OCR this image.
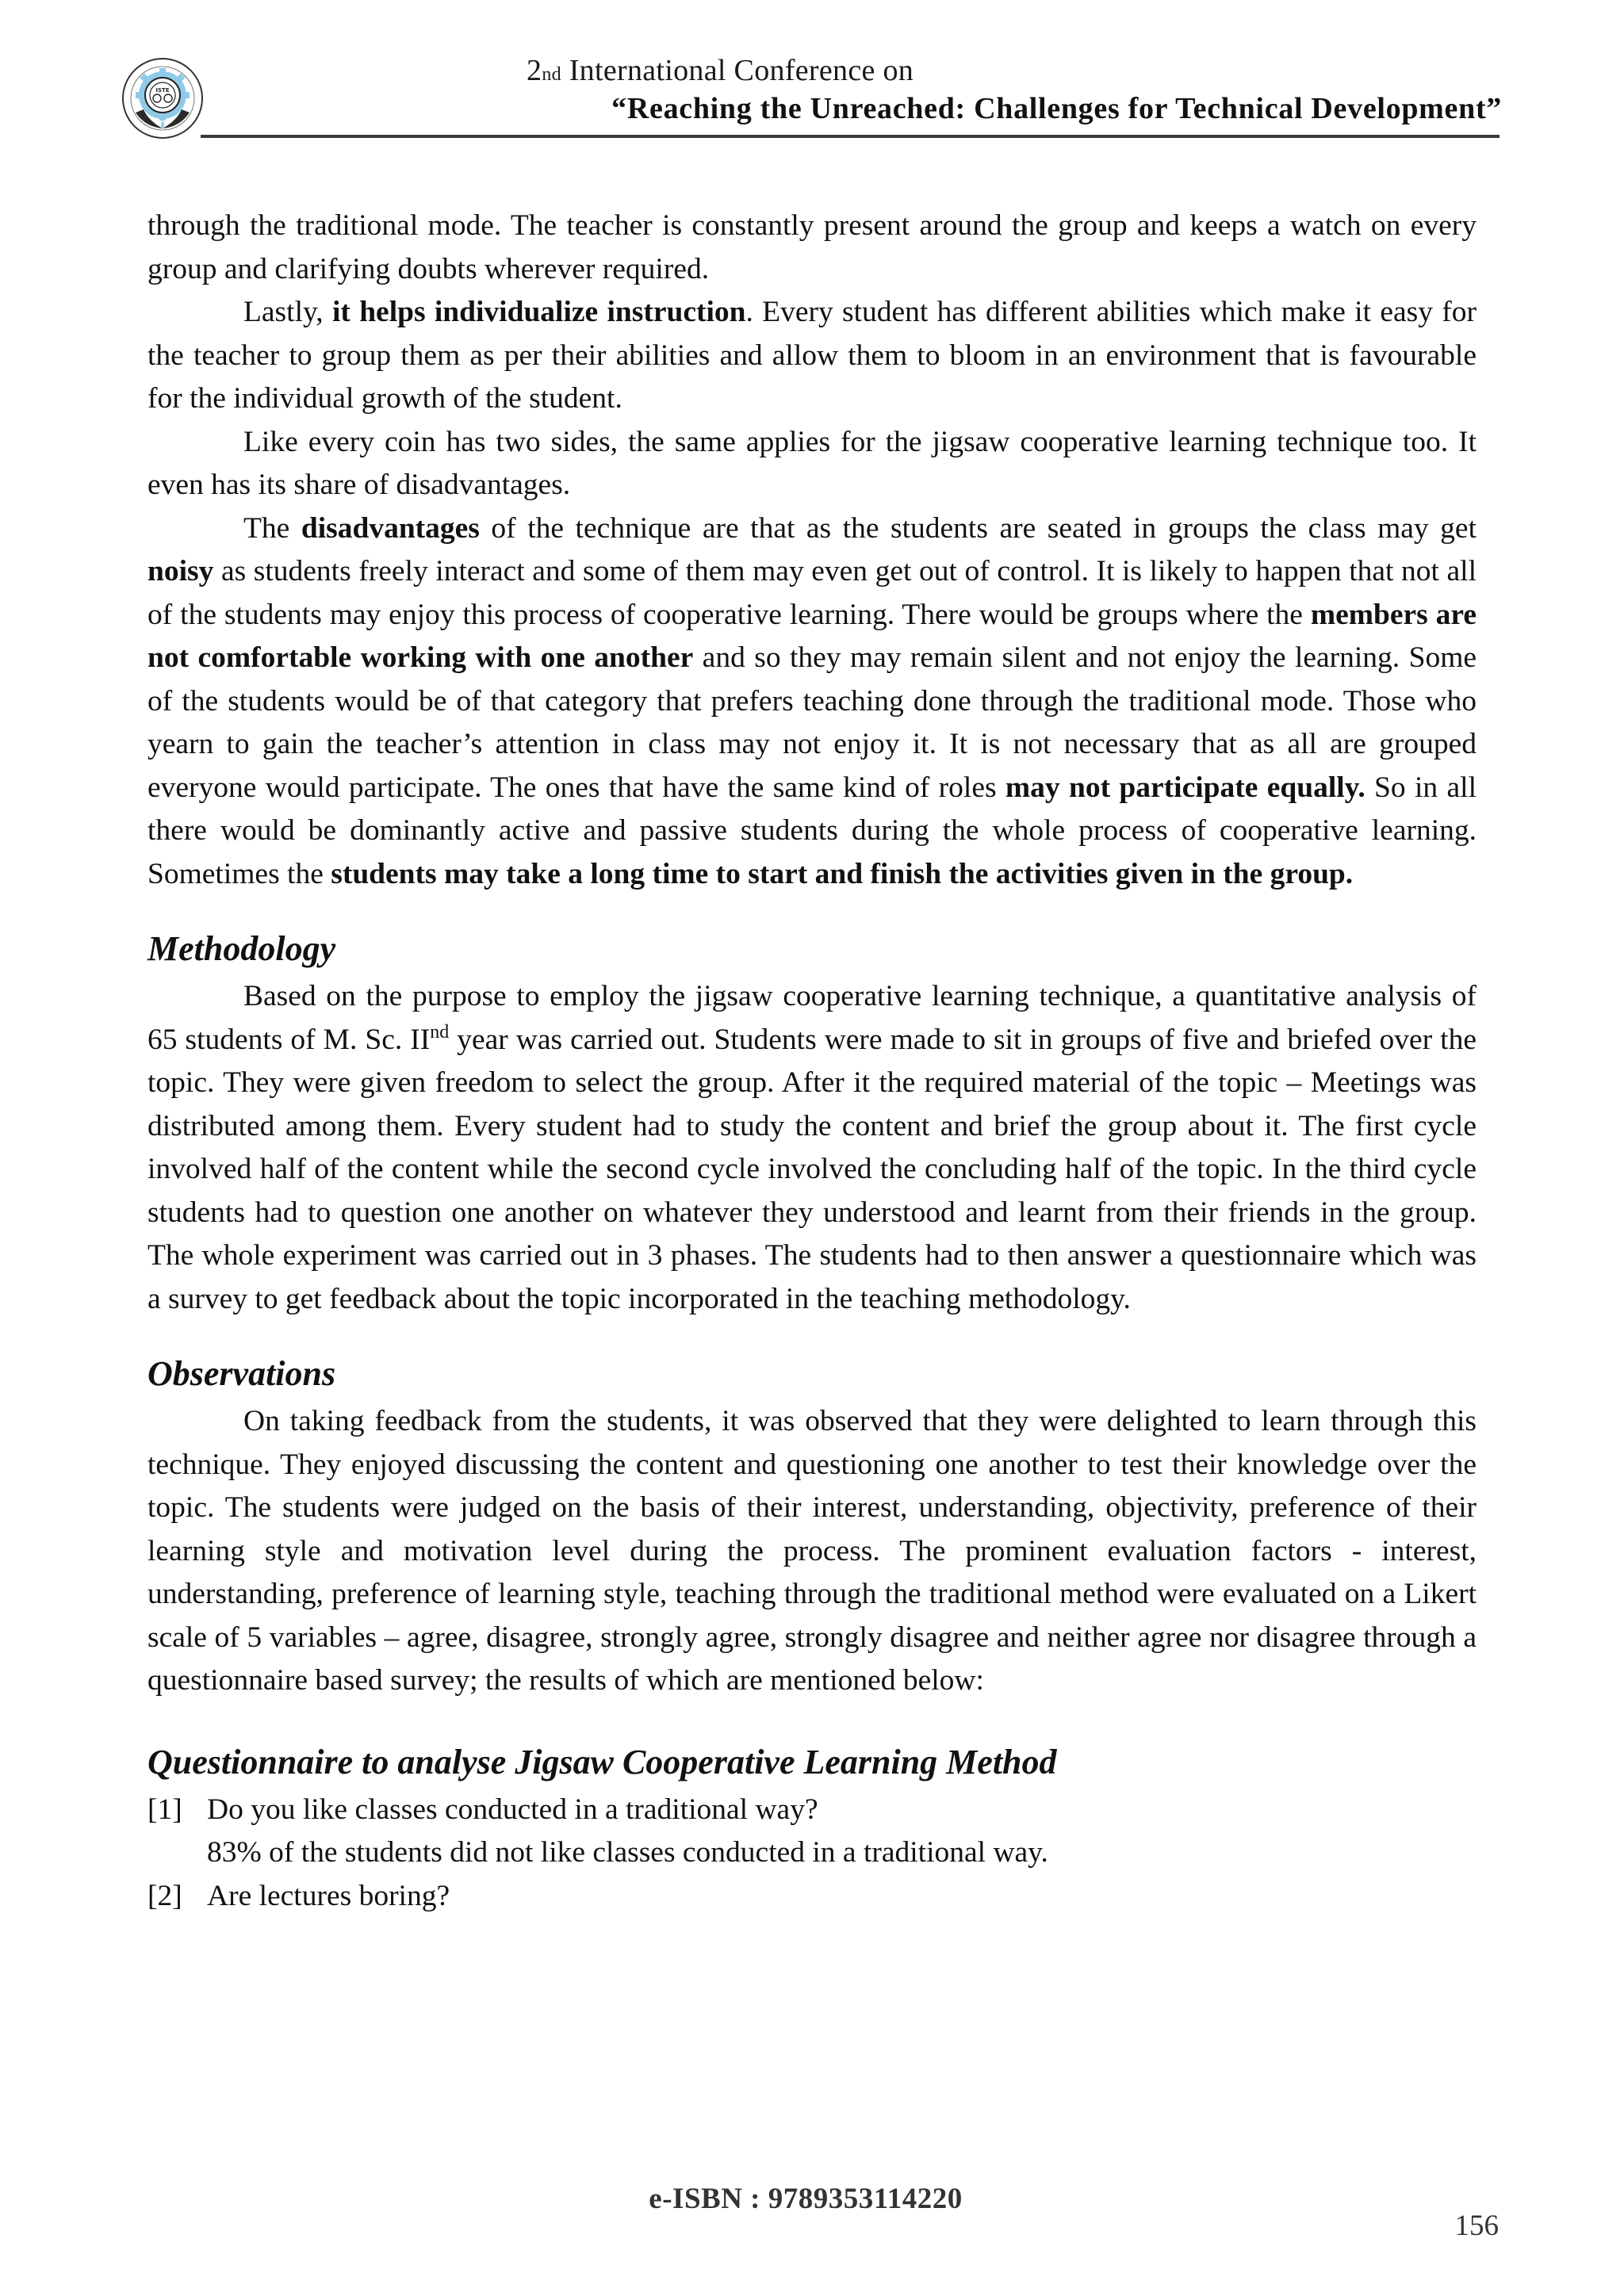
ISTE
2nd International Conference on
“Reaching the Unreached: Challenges for Technical Development”

through the traditional mode. The teacher is constantly present around the group and keeps a watch on every group and clarifying doubts wherever required.

Lastly, it helps individualize instruction. Every student has different abilities which make it easy for the teacher to group them as per their abilities and allow them to bloom in an environment that is favourable for the individual growth of the student.

Like every coin has two sides, the same applies for the jigsaw cooperative learning technique too. It even has its share of disadvantages.

The disadvantages of the technique are that as the students are seated in groups the class may get noisy as students freely interact and some of them may even get out of control. It is likely to happen that not all of the students may enjoy this process of cooperative learning. There would be groups where the members are not comfortable working with one another and so they may remain silent and not enjoy the learning. Some of the students would be of that category that prefers teaching done through the traditional mode. Those who yearn to gain the teacher’s attention in class may not enjoy it. It is not necessary that as all are grouped everyone would participate. The ones that have the same kind of roles may not participate equally. So in all there would be dominantly active and passive students during the whole process of cooperative learning. Sometimes the students may take a long time to start and finish the activities given in the group.

Methodology

Based on the purpose to employ the jigsaw cooperative learning technique, a quantitative analysis of 65 students of M. Sc. IInd year was carried out. Students were made to sit in groups of five and briefed over the topic. They were given freedom to select the group. After it the required material of the topic – Meetings was distributed among them. Every student had to study the content and brief the group about it. The first cycle involved half of the content while the second cycle involved the concluding half of the topic. In the third cycle students had to question one another on whatever they understood and learnt from their friends in the group. The whole experiment was carried out in 3 phases. The students had to then answer a questionnaire which was a survey to get feedback about the topic incorporated in the teaching methodology.

Observations

On taking feedback from the students, it was observed that they were delighted to learn through this technique. They enjoyed discussing the content and questioning one another to test their knowledge over the topic. The students were judged on the basis of their interest, understanding, objectivity, preference of their learning style and motivation level during the process. The prominent evaluation factors - interest, understanding, preference of learning style, teaching through the traditional method were evaluated on a Likert scale of 5 variables – agree, disagree, strongly agree, strongly disagree and neither agree nor disagree through a questionnaire based survey; the results of which are mentioned below:

Questionnaire to analyse Jigsaw Cooperative Learning Method
[1] Do you like classes conducted in a traditional way?
83% of the students did not like classes conducted in a traditional way.
[2] Are lectures boring?
e-ISBN : 9789353114220
156
